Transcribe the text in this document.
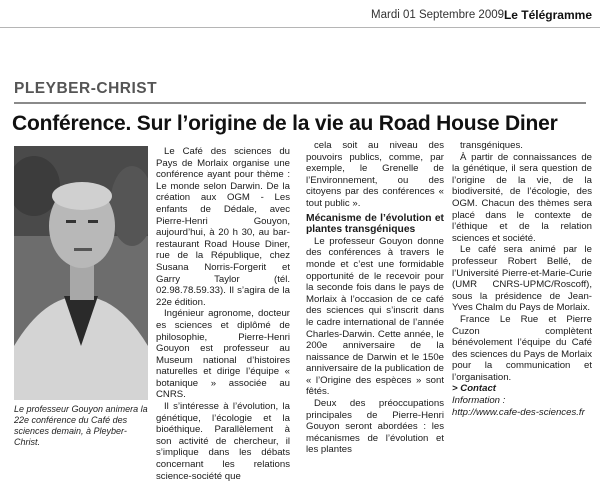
Mardi 01 Septembre 2009 Le Télégramme
PLEYBER-CHRIST
Conférence. Sur l’origine de la vie au Road House Diner
Le professeur Gouyon animera la 22e conférence du Café des sciences demain, à Pleyber-Christ.

Le Café des sciences du Pays de Morlaix organise une conférence ayant pour thème : Le monde selon Darwin. De la création aux OGM - Les enfants de Dédale, avec Pierre-Henri Gouyon, aujourd’hui, à 20 h 30, au bar-restaurant Road House Diner, rue de la République, chez Susana Norris-Forgerit et Garry Taylor (tél. 02.98.78.59.33). Il s’agira de la 22e édition.

Ingénieur agronome, docteur es sciences et diplômé de philosophie, Pierre-Henri Gouyon est professeur au Museum national d’histoires naturelles et dirige l’équipe « botanique » associée au CNRS.

Il s’intéresse à l’évolution, la génétique, l’écologie et la bioéthique. Parallèlement à son activité de chercheur, il s’implique dans les débats concernant les relations science-société que

cela soit au niveau des pouvoirs publics, comme, par exemple, le Grenelle de l’Environnement, ou des citoyens par des conférences « tout public ».

Mécanisme de l’évolution et plantes transgéniques

Le professeur Gouyon donne des conférences à travers le monde et c’est une formidable opportunité de le recevoir pour la seconde fois dans le pays de Morlaix à l’occasion de ce café des sciences qui s’inscrit dans le cadre international de l’année Charles-Darwin. Cette année, le 200e anniversaire de la naissance de Darwin et le 150e anniversaire de la publication de « l’Origine des espèces » sont fêtés.

Deux des préoccupations principales de Pierre-Henri Gouyon seront abordées : les mécanismes de l’évolution et les plantes

transgéniques.

À partir de connaissances de la génétique, il sera question de l’origine de la vie, de la biodiversité, de l’écologie, des OGM. Chacun des thèmes sera placé dans le contexte de l’éthique et de la relation sciences et société.

Le café sera animé par le professeur Robert Bellé, de l’Université Pierre-et-Marie-Curie (UMR CNRS-UPMC/Roscoff), sous la présidence de Jean-Yves Chalm du Pays de Morlaix.

France Le Rue et Pierre Cuzon complètent bénévolement l’équipe du Café des sciences du Pays de Morlaix pour la communication et l’organisation.

> Contact

Information :

http://www.cafe-des-sciences.fr
